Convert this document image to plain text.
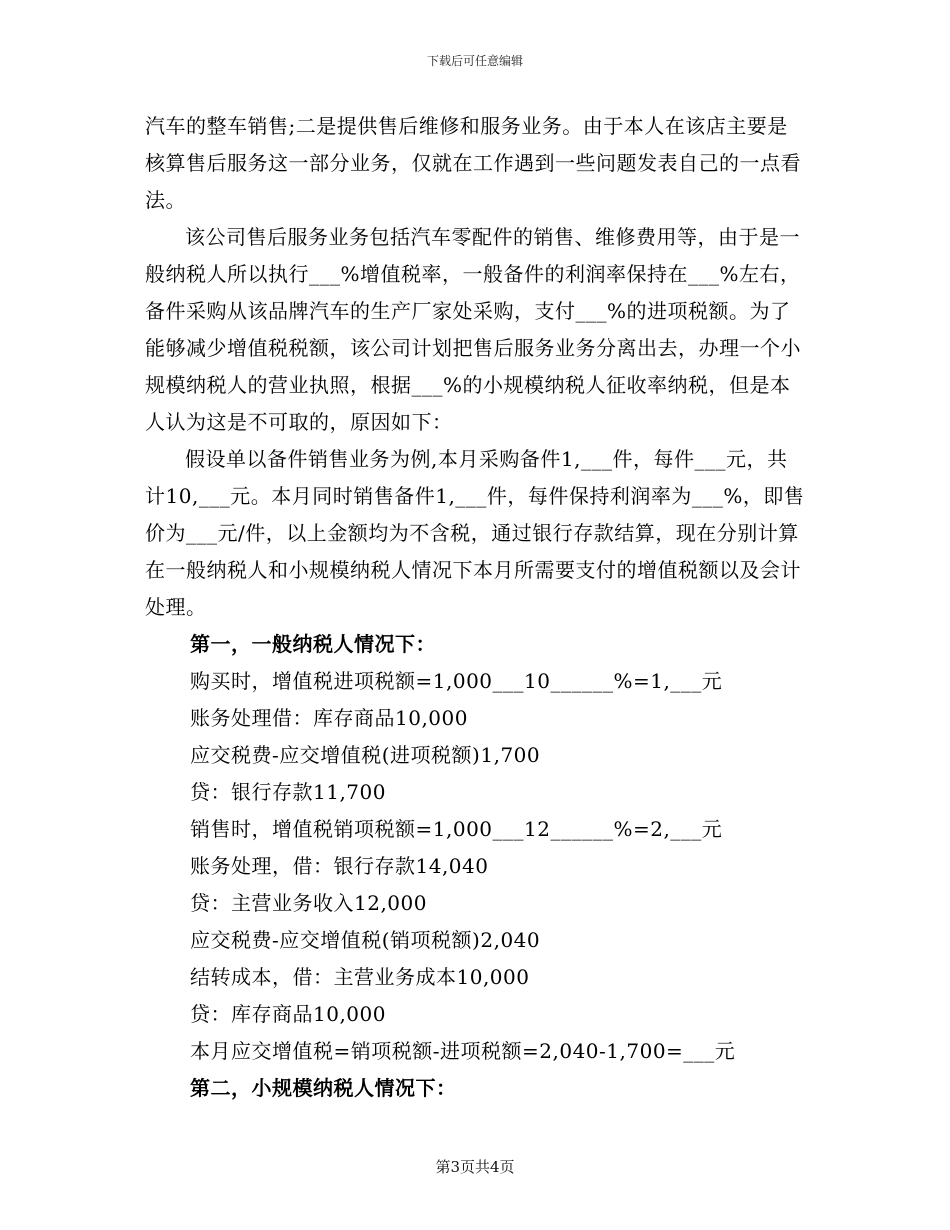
下载后可任意编辑

汽车的整车销售;二是提供售后维修和服务业务。由于本人在该店主要是核算售后服务这一部分业务，仅就在工作遇到一些问题发表自己的一点看法。

该公司售后服务业务包括汽车零配件的销售、维修费用等，由于是一般纳税人所以执行___%增值税率，一般备件的利润率保持在___%左右，备件采购从该品牌汽车的生产厂家处采购，支付___%的进项税额。为了能够减少增值税税额，该公司计划把售后服务业务分离出去，办理一个小规模纳税人的营业执照，根据___%的小规模纳税人征收率纳税，但是本人认为这是不可取的，原因如下：

假设单以备件销售业务为例,本月采购备件1,___件，每件___元，共计10,___元。本月同时销售备件1,___件，每件保持利润率为___%，即售价为___元/件，以上金额均为不含税，通过银行存款结算，现在分别计算在一般纳税人和小规模纳税人情况下本月所需要支付的增值税额以及会计处理。

第一，一般纳税人情况下：

购买时，增值税进项税额=1,000___10______%=1,___元

账务处理借：库存商品10,000

应交税费-应交增值税(进项税额)1,700

贷：银行存款11,700

销售时，增值税销项税额=1,000___12______%=2,___元

账务处理，借：银行存款14,040

贷：主营业务收入12,000

应交税费-应交增值税(销项税额)2,040

结转成本，借：主营业务成本10,000

贷：库存商品10,000

本月应交增值税=销项税额-进项税额=2,040-1,700=___元

第二，小规模纳税人情况下：

第3页共4页
